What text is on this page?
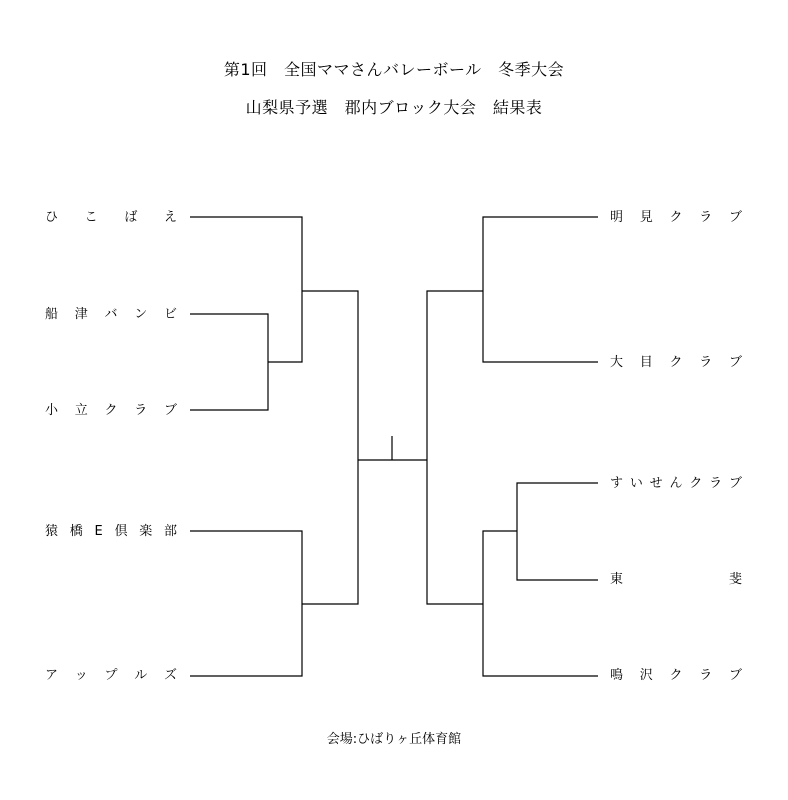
第1回　全国ママさんバレーボール　冬季大会
山梨県予選　郡内ブロック大会　結果表
ひ こ ば え
船 津 バ ン ビ
小 立 ク ラ ブ
猿 橋 E 倶 楽 部
ア ッ プ ル ズ
明 見 ク ラ ブ
大 目 ク ラ ブ
す い せ ん ク ラ ブ
東	斐
鳴 沢 ク ラ ブ
会場:ひばりヶ丘体育館
